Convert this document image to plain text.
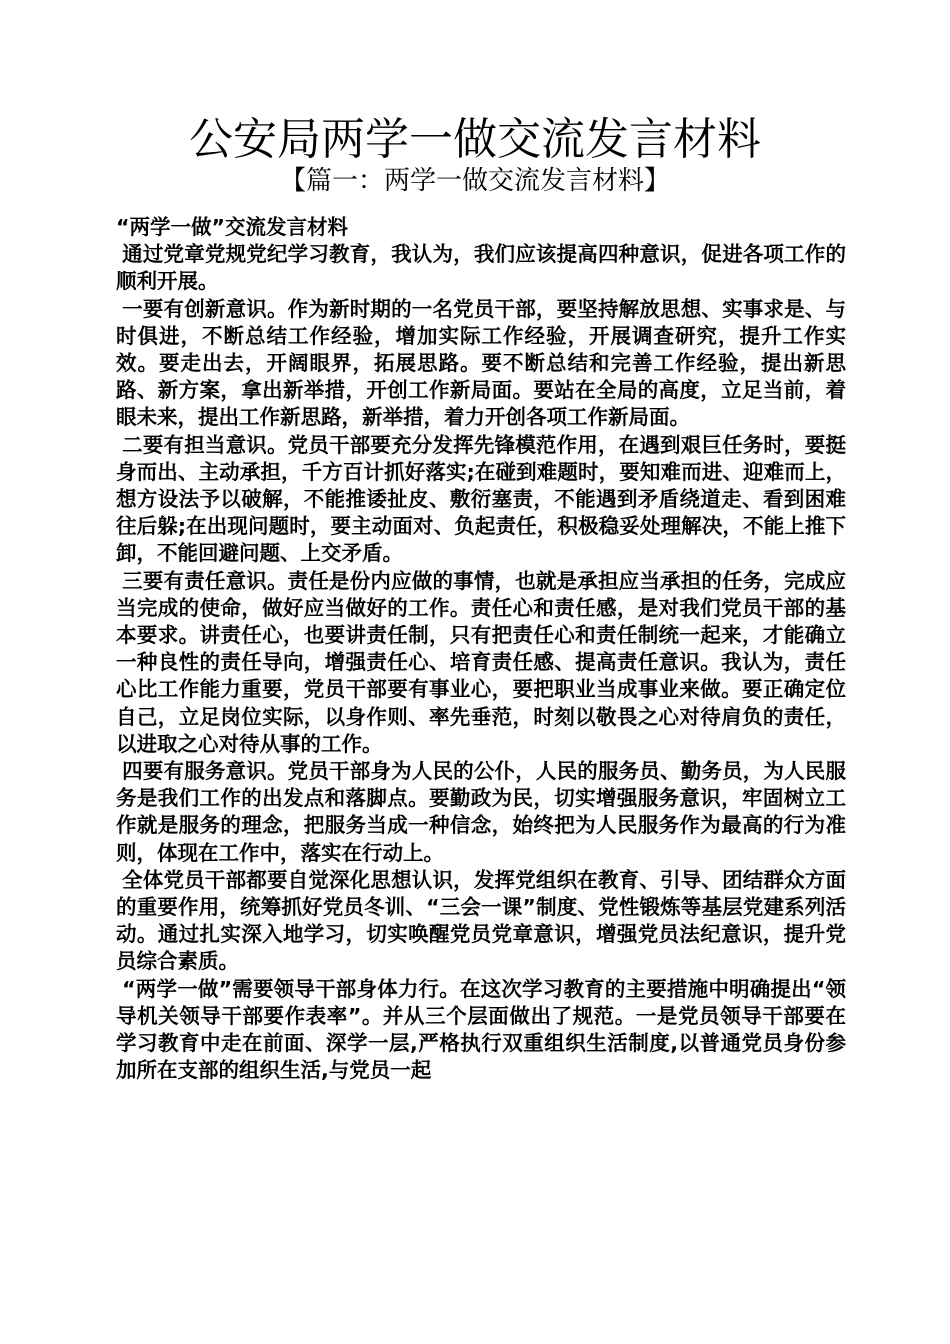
公安局两学一做交流发言材料
【篇一：两学一做交流发言材料】

“两学一做”交流发言材料

通过党章党规党纪学习教育，我认为，我们应该提高四种意识，促进各项工作的顺利开展。

一要有创新意识。作为新时期的一名党员干部，要坚持解放思想、实事求是、与时俱进，不断总结工作经验，增加实际工作经验，开展调查研究，提升工作实效。要走出去，开阔眼界，拓展思路。要不断总结和完善工作经验，提出新思路、新方案，拿出新举措，开创工作新局面。要站在全局的高度，立足当前，着眼未来，提出工作新思路，新举措，着力开创各项工作新局面。

二要有担当意识。党员干部要充分发挥先锋模范作用，在遇到艰巨任务时，要挺身而出、主动承担，千方百计抓好落实;在碰到难题时，要知难而进、迎难而上，想方设法予以破解，不能推诿扯皮、敷衍塞责，不能遇到矛盾绕道走、看到困难往后躲;在出现问题时，要主动面对、负起责任，积极稳妥处理解决，不能上推下卸，不能回避问题、上交矛盾。

三要有责任意识。责任是份内应做的事情，也就是承担应当承担的任务，完成应当完成的使命，做好应当做好的工作。责任心和责任感，是对我们党员干部的基本要求。讲责任心，也要讲责任制，只有把责任心和责任制统一起来，才能确立一种良性的责任导向，增强责任心、培育责任感、提高责任意识。我认为，责任心比工作能力重要，党员干部要有事业心，要把职业当成事业来做。要正确定位自己，立足岗位实际，以身作则、率先垂范，时刻以敬畏之心对待肩负的责任，以进取之心对待从事的工作。

四要有服务意识。党员干部身为人民的公仆，人民的服务员、勤务员，为人民服务是我们工作的出发点和落脚点。要勤政为民，切实增强服务意识，牢固树立工作就是服务的理念，把服务当成一种信念，始终把为人民服务作为最高的行为准则，体现在工作中，落实在行动上。

全体党员干部都要自觉深化思想认识，发挥党组织在教育、引导、团结群众方面的重要作用，统筹抓好党员冬训、“三会一课”制度、党性锻炼等基层党建系列活动。通过扎实深入地学习，切实唤醒党员党章意识，增强党员法纪意识，提升党员综合素质。

“两学一做”需要领导干部身体力行。在这次学习教育的主要措施中明确提出“领导机关领导干部要作表率”。并从三个层面做出了规范。一是党员领导干部要在学习教育中走在前面、深学一层,严格执行双重组织生活制度,以普通党员身份参加所在支部的组织生活,与党员一起
